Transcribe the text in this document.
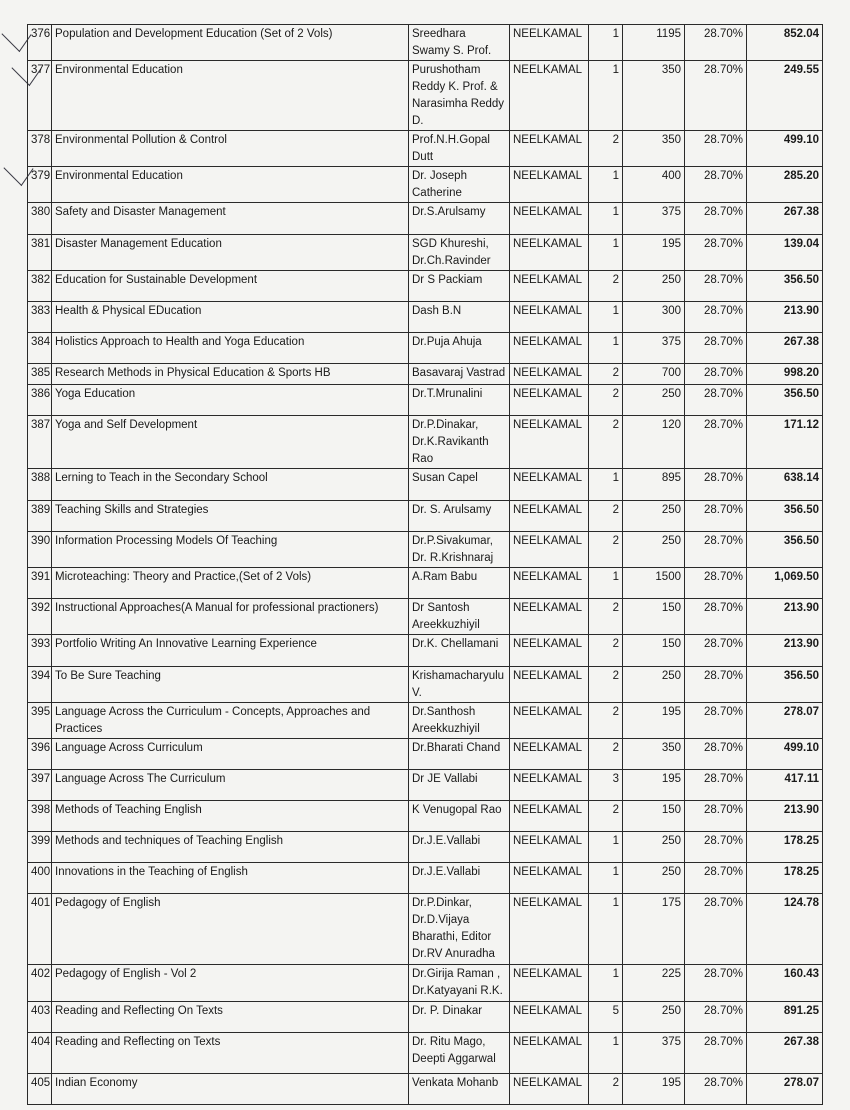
376	Population and Development Education (Set of 2 Vols)	Sreedhara Swamy S. Prof.	NEELKAMAL	1	1195	28.70%	852.04
377	Environmental Education	Purushotham Reddy K. Prof. & Narasimha Reddy D.	NEELKAMAL	1	350	28.70%	249.55
378	Environmental Pollution & Control	Prof.N.H.Gopal Dutt	NEELKAMAL	2	350	28.70%	499.10
379	Environmental Education	Dr. Joseph Catherine	NEELKAMAL	1	400	28.70%	285.20
380	Safety and Disaster Management	Dr.S.Arulsamy	NEELKAMAL	1	375	28.70%	267.38
381	Disaster Management Education	SGD Khureshi, Dr.Ch.Ravinder	NEELKAMAL	1	195	28.70%	139.04
382	Education for Sustainable Development	Dr S Packiam	NEELKAMAL	2	250	28.70%	356.50
383	Health & Physical EDucation	Dash B.N	NEELKAMAL	1	300	28.70%	213.90
384	Holistics Approach to Health and Yoga Education	Dr.Puja Ahuja	NEELKAMAL	1	375	28.70%	267.38
385	Research Methods in Physical Education & Sports HB	Basavaraj Vastrad	NEELKAMAL	2	700	28.70%	998.20
386	Yoga Education	Dr.T.Mrunalini	NEELKAMAL	2	250	28.70%	356.50
387	Yoga and Self Development	Dr.P.Dinakar, Dr.K.Ravikanth Rao	NEELKAMAL	2	120	28.70%	171.12
388	Lerning to Teach in the Secondary School	Susan Capel	NEELKAMAL	1	895	28.70%	638.14
389	Teaching Skills and Strategies	Dr. S. Arulsamy	NEELKAMAL	2	250	28.70%	356.50
390	Information Processing Models Of Teaching	Dr.P.Sivakumar, Dr. R.Krishnaraj	NEELKAMAL	2	250	28.70%	356.50
391	Microteaching: Theory and Practice,(Set of 2 Vols)	A.Ram Babu	NEELKAMAL	1	1500	28.70%	1,069.50
392	Instructional Approaches(A Manual for professional practioners)	Dr Santosh Areekkuzhiyil	NEELKAMAL	2	150	28.70%	213.90
393	Portfolio Writing An Innovative Learning Experience	Dr.K. Chellamani	NEELKAMAL	2	150	28.70%	213.90
394	To Be Sure Teaching	Krishamacharyulu V.	NEELKAMAL	2	250	28.70%	356.50
395	Language Across the Curriculum - Concepts, Approaches and Practices	Dr.Santhosh Areekkuzhiyil	NEELKAMAL	2	195	28.70%	278.07
396	Language Across Curriculum	Dr.Bharati Chand	NEELKAMAL	2	350	28.70%	499.10
397	Language Across The Curriculum	Dr JE Vallabi	NEELKAMAL	3	195	28.70%	417.11
398	Methods of Teaching English	K Venugopal Rao	NEELKAMAL	2	150	28.70%	213.90
399	Methods and techniques of Teaching English	Dr.J.E.Vallabi	NEELKAMAL	1	250	28.70%	178.25
400	Innovations in the Teaching of English	Dr.J.E.Vallabi	NEELKAMAL	1	250	28.70%	178.25
401	Pedagogy of English	Dr.P.Dinkar, Dr.D.Vijaya Bharathi, Editor Dr.RV Anuradha	NEELKAMAL	1	175	28.70%	124.78
402	Pedagogy of English - Vol 2	Dr.Girija Raman , Dr.Katyayani R.K.	NEELKAMAL	1	225	28.70%	160.43
403	Reading and Reflecting On Texts	Dr. P. Dinakar	NEELKAMAL	5	250	28.70%	891.25
404	Reading and Reflecting on Texts	Dr. Ritu Mago, Deepti Aggarwal	NEELKAMAL	1	375	28.70%	267.38
405	Indian Economy	Venkata Mohanb	NEELKAMAL	2	195	28.70%	278.07
